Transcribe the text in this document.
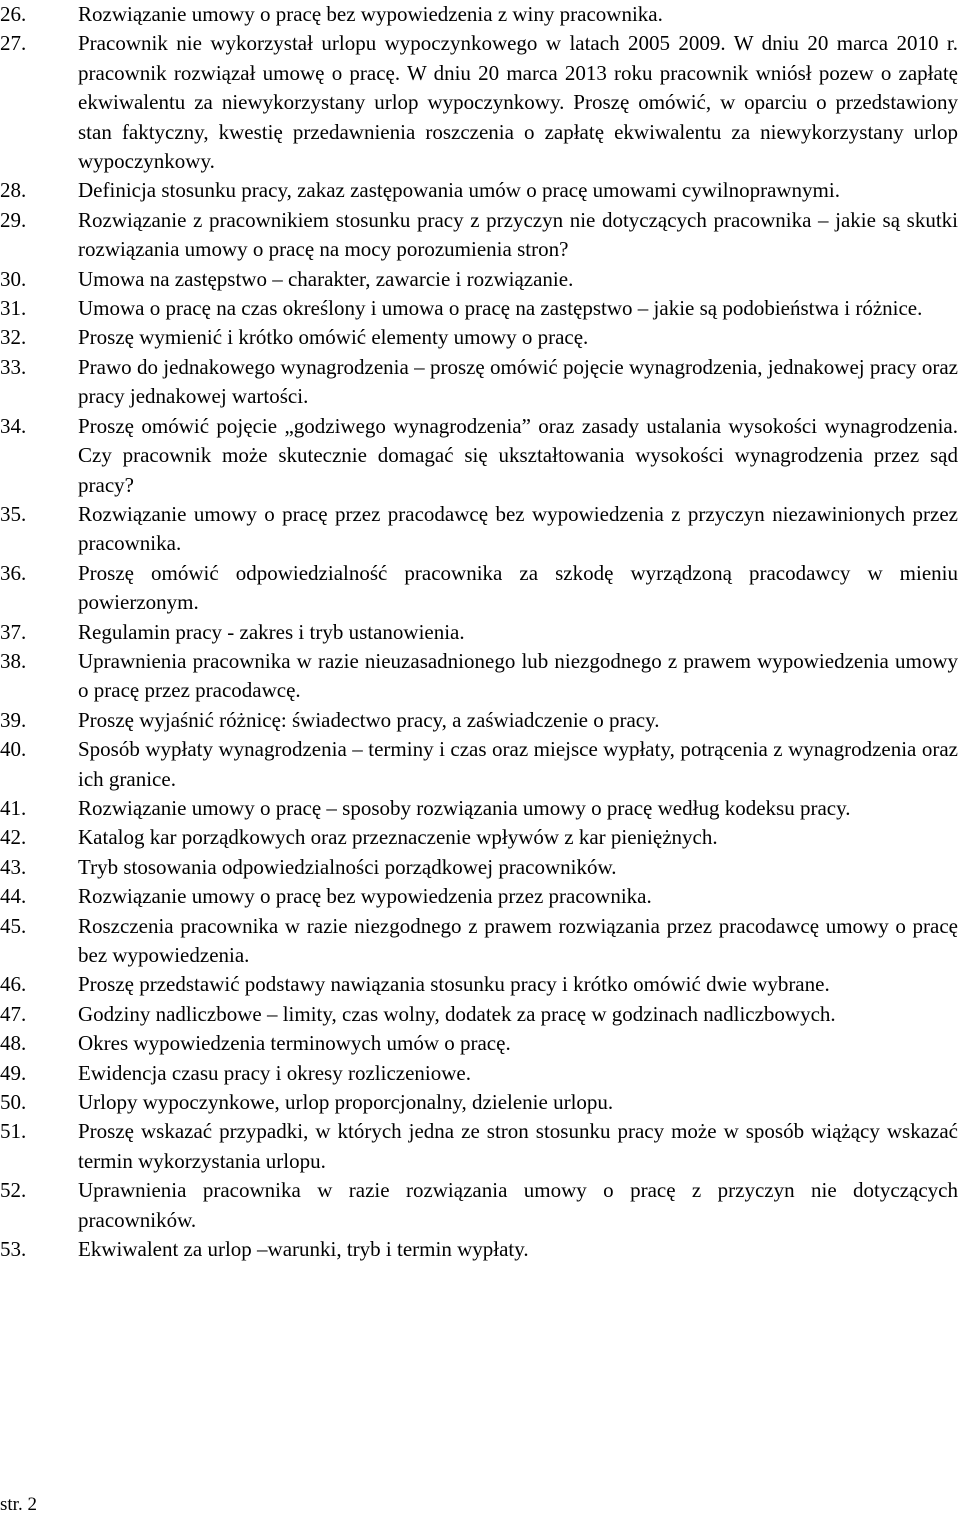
26.	Rozwiązanie umowy o pracę bez wypowiedzenia z winy pracownika.
27.	Pracownik nie wykorzystał urlopu wypoczynkowego w latach 2005 2009. W dniu 20 marca 2010 r. pracownik rozwiązał umowę o pracę. W dniu 20 marca 2013 roku pracownik wniósł pozew o zapłatę ekwiwalentu za niewykorzystany urlop wypoczynkowy. Proszę omówić, w oparciu o przedstawiony stan faktyczny, kwestię przedawnienia roszczenia o zapłatę ekwiwalentu za niewykorzystany urlop wypoczynkowy.
28.	Definicja stosunku pracy, zakaz zastępowania umów o pracę umowami cywilnoprawnymi.
29.	Rozwiązanie z pracownikiem stosunku pracy z przyczyn nie dotyczących pracownika – jakie są skutki rozwiązania umowy o pracę na mocy porozumienia stron?
30.	Umowa na zastępstwo – charakter, zawarcie i rozwiązanie.
31.	Umowa o pracę na czas określony i umowa o pracę na zastępstwo – jakie są podobieństwa i różnice.
32.	Proszę wymienić i krótko omówić elementy umowy o pracę.
33.	Prawo do jednakowego wynagrodzenia – proszę omówić pojęcie wynagrodzenia, jednakowej pracy oraz pracy jednakowej wartości.
34.	Proszę omówić pojęcie „godziwego wynagrodzenia” oraz zasady ustalania wysokości wynagrodzenia. Czy pracownik może skutecznie domagać się ukształtowania wysokości wynagrodzenia przez sąd pracy?
35.	Rozwiązanie umowy o pracę przez pracodawcę bez wypowiedzenia z przyczyn niezawinionych przez pracownika.
36.	Proszę omówić odpowiedzialność pracownika za szkodę wyrządzoną pracodawcy w mieniu powierzonym.
37.	Regulamin pracy - zakres i tryb ustanowienia.
38.	Uprawnienia pracownika w razie nieuzasadnionego lub niezgodnego z prawem wypowiedzenia umowy o pracę przez pracodawcę.
39.	Proszę wyjaśnić różnicę: świadectwo pracy, a zaświadczenie o pracy.
40.	Sposób wypłaty wynagrodzenia – terminy i czas oraz miejsce wypłaty, potrącenia z wynagrodzenia oraz ich granice.
41.	Rozwiązanie umowy o pracę – sposoby rozwiązania umowy o pracę według kodeksu pracy.
42.	Katalog kar porządkowych oraz przeznaczenie wpływów z kar pieniężnych.
43.	Tryb stosowania odpowiedzialności porządkowej pracowników.
44.	Rozwiązanie umowy o pracę bez wypowiedzenia przez pracownika.
45.	Roszczenia pracownika w razie niezgodnego z prawem rozwiązania przez pracodawcę umowy o pracę bez wypowiedzenia.
46.	Proszę przedstawić podstawy nawiązania stosunku pracy i krótko omówić dwie wybrane.
47.	Godziny nadliczbowe – limity, czas wolny, dodatek za pracę w godzinach nadliczbowych.
48.	Okres wypowiedzenia terminowych umów o pracę.
49.	Ewidencja czasu pracy i okresy rozliczeniowe.
50.	Urlopy wypoczynkowe, urlop proporcjonalny, dzielenie urlopu.
51.	Proszę wskazać przypadki, w których jedna ze stron stosunku pracy może w sposób wiążący wskazać termin wykorzystania urlopu.
52.	Uprawnienia pracownika w razie rozwiązania umowy o pracę z przyczyn nie dotyczących pracowników.
53.	Ekwiwalent za urlop –warunki, tryb i termin wypłaty.
str. 2
